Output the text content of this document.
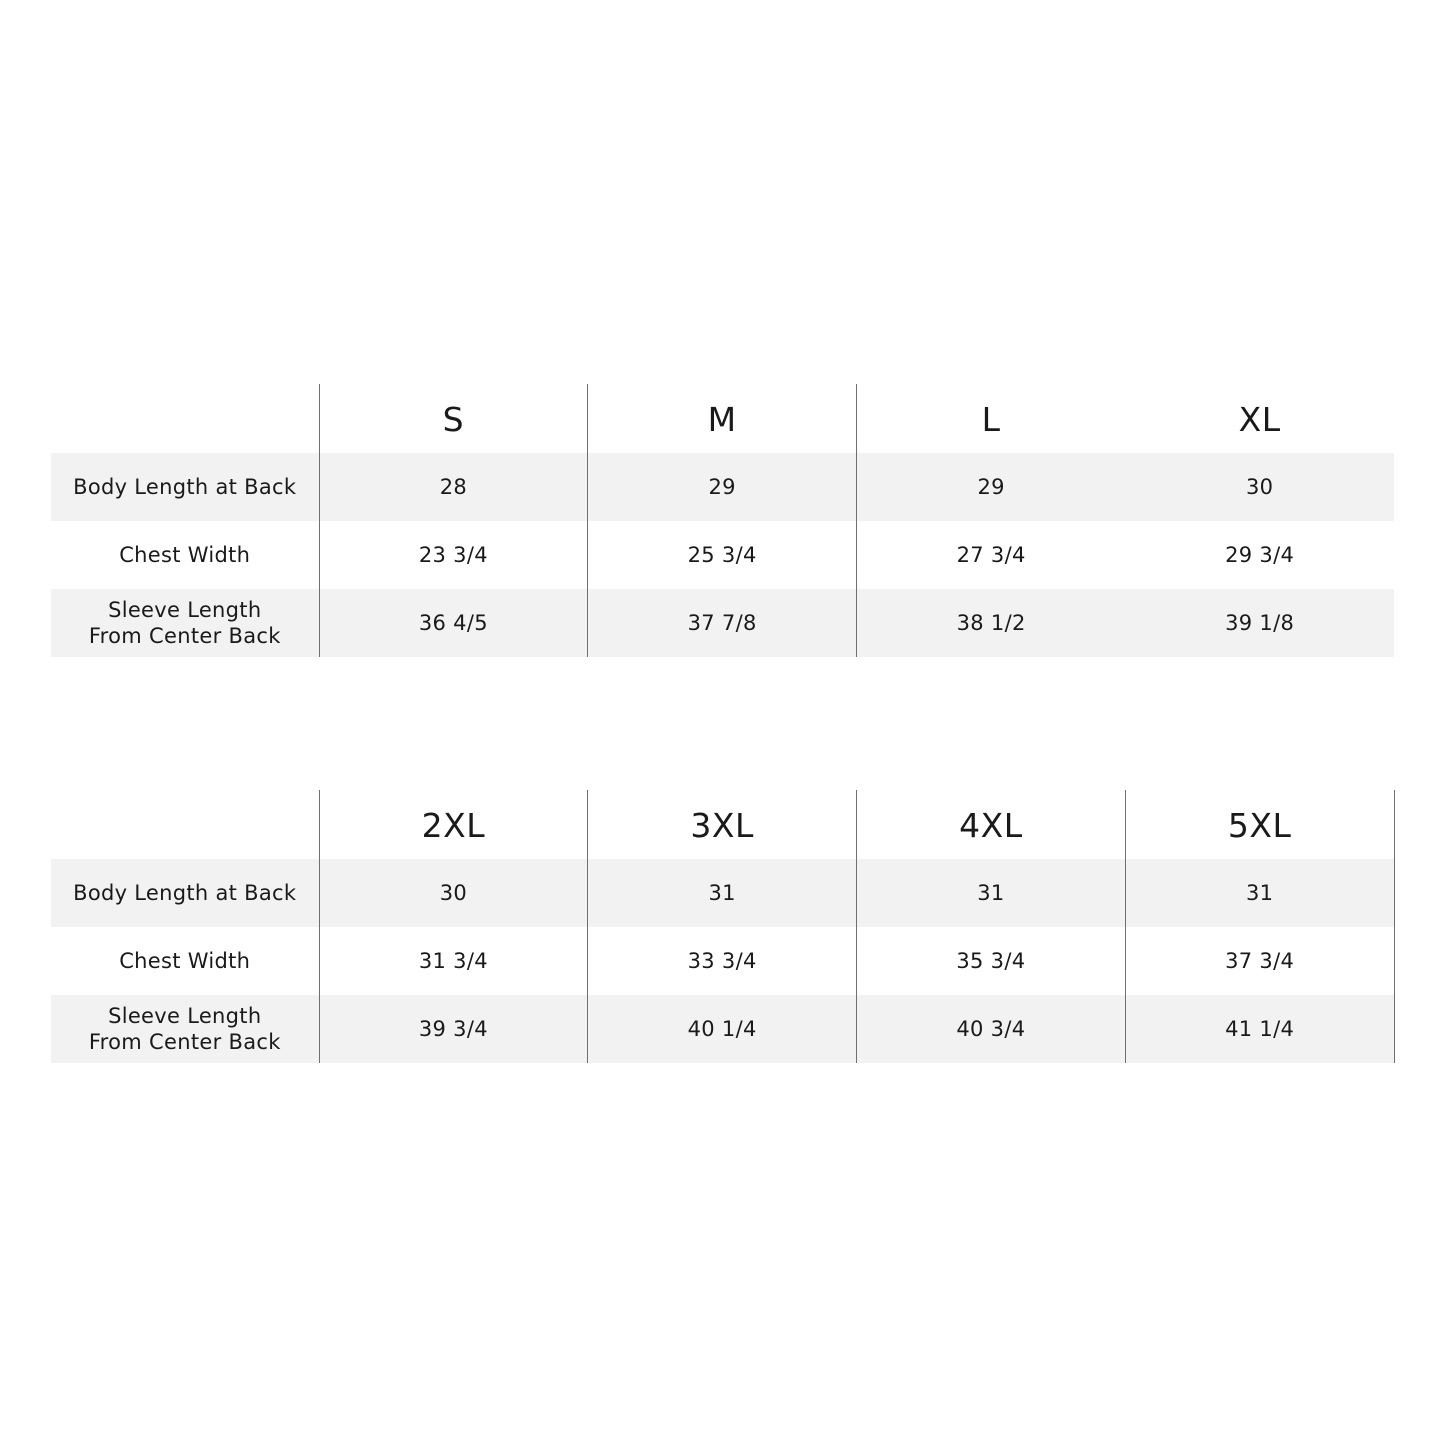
	S	M	L	XL

Body Length at Back	28	29	29	30

Chest Width	23 3/4	25 3/4	27 3/4	29 3/4

Sleeve Length
From Center Back	36 4/5	37 7/8	38 1/2	39 1/8
	2XL	3XL	4XL	5XL

Body Length at Back	30	31	31	31

Chest Width	31 3/4	33 3/4	35 3/4	37 3/4

Sleeve Length
From Center Back	39 3/4	40 1/4	40 3/4	41 1/4
